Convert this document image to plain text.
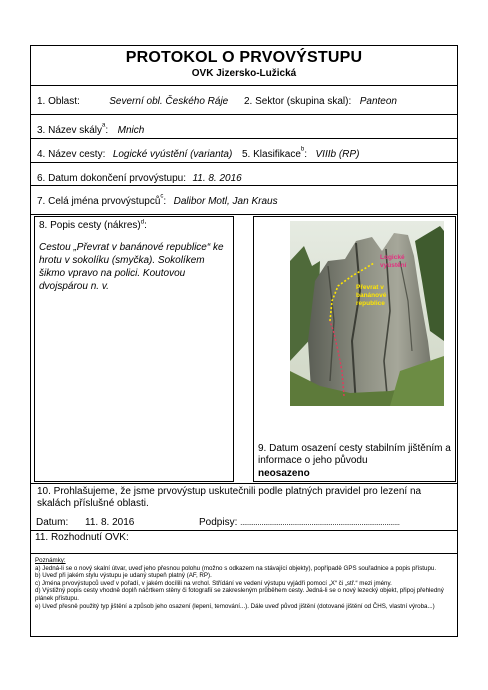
PROTOKOL O PRVOVÝSTUPU
OVK Jizersko-Lužická
1. Oblast:	Severní obl. Českého Ráje 2. Sektor (skupina skal): Panteon
3. Název skály$^a$: Mnich
4. Název cesty: Logické vyústění (varianta) 5. Klasifikace$^b$: VIIIb (RP)
6. Datum dokončení prvovýstupu: 11. 8. 2016
7. Celá jména prvovýstupců$^c$: Dalibor Motl, Jan Kraus
8. Popis cesty (nákres)$^d$:
Cestou „Převrat v banánové republice“ ke hrotu v sokolíku (smyčka). Sokolíkem šikmo vpravo na polici. Koutovou dvojspárou n. v.
Logické vyústění
Převrat v banánové republice
9. Datum osazení cesty stabilním jištěním a informace o jeho původu
neosazeno
10. Prohlašujeme, že jsme prvovýstup uskutečnili podle platných pravidel pro lezení na skalách příslušné oblasti.
Datum: 11. 8. 2016	Podpisy: ...................................................................................
11. Rozhodnutí OVK:

Poznámky:

a) Jedná-li se o nový skalní útvar, uveď jeho přesnou polohu (možno s odkazem na stávající objekty), popřípadě GPS souřadnice a popis přístupu.

b) Uveď při jakém stylu výstupu je udaný stupeň platný (AF, RP).

c) Jména prvovýstupců uveď v pořadí, v jakém docílili na vrchol. Střídání ve vedení výstupu vyjádři pomocí „X“ či „stř.“ mezi jmény.

d) Výstižný popis cesty vhodně doplň náčrtkem stěny či fotografií se zakresleným průběhem cesty. Jedná-li se o nový lezecký objekt, připoj přehledný plánek přístupu.

e) Uveď přesně použitý typ jištění a způsob jeho osazení (lepení, temování...). Dále uveď původ jištění (dotované jištění od ČHS, vlastní výroba...)
